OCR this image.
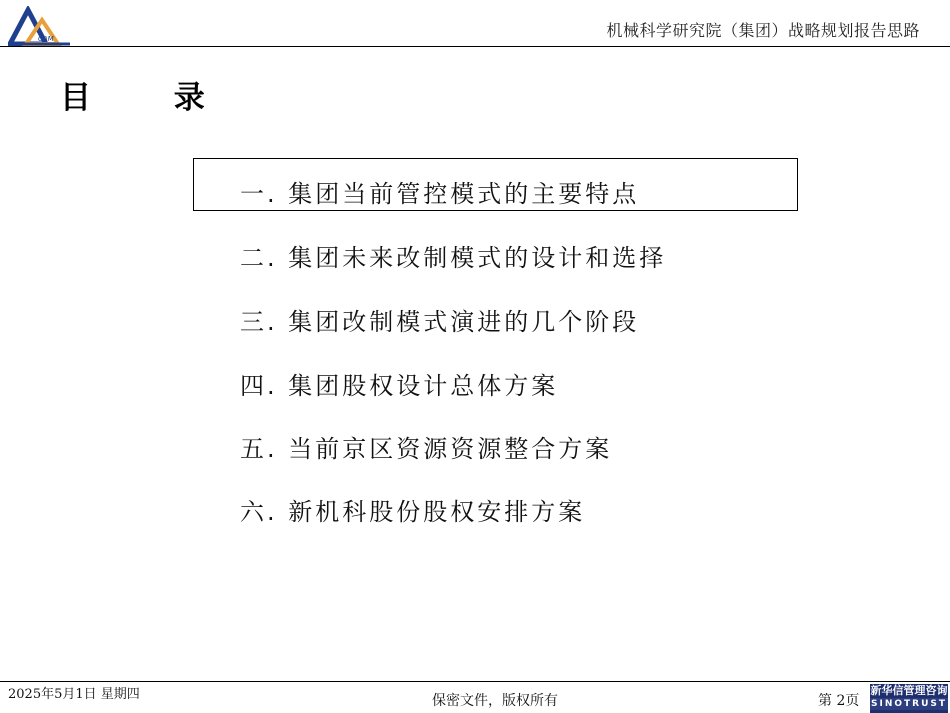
CAM	机械科学研究院（集团）战略规划报告思路
目 录
一. 集团当前管控模式的主要特点
二. 集团未来改制模式的设计和选择
三. 集团改制模式演进的几个阶段
四. 集团股权设计总体方案
五. 当前京区资源资源整合方案
六. 新机科股份股权安排方案
2025年5月1日 星期四	保密文件，版权所有	第 2页
新华信管理咨询
SINOTRUST
